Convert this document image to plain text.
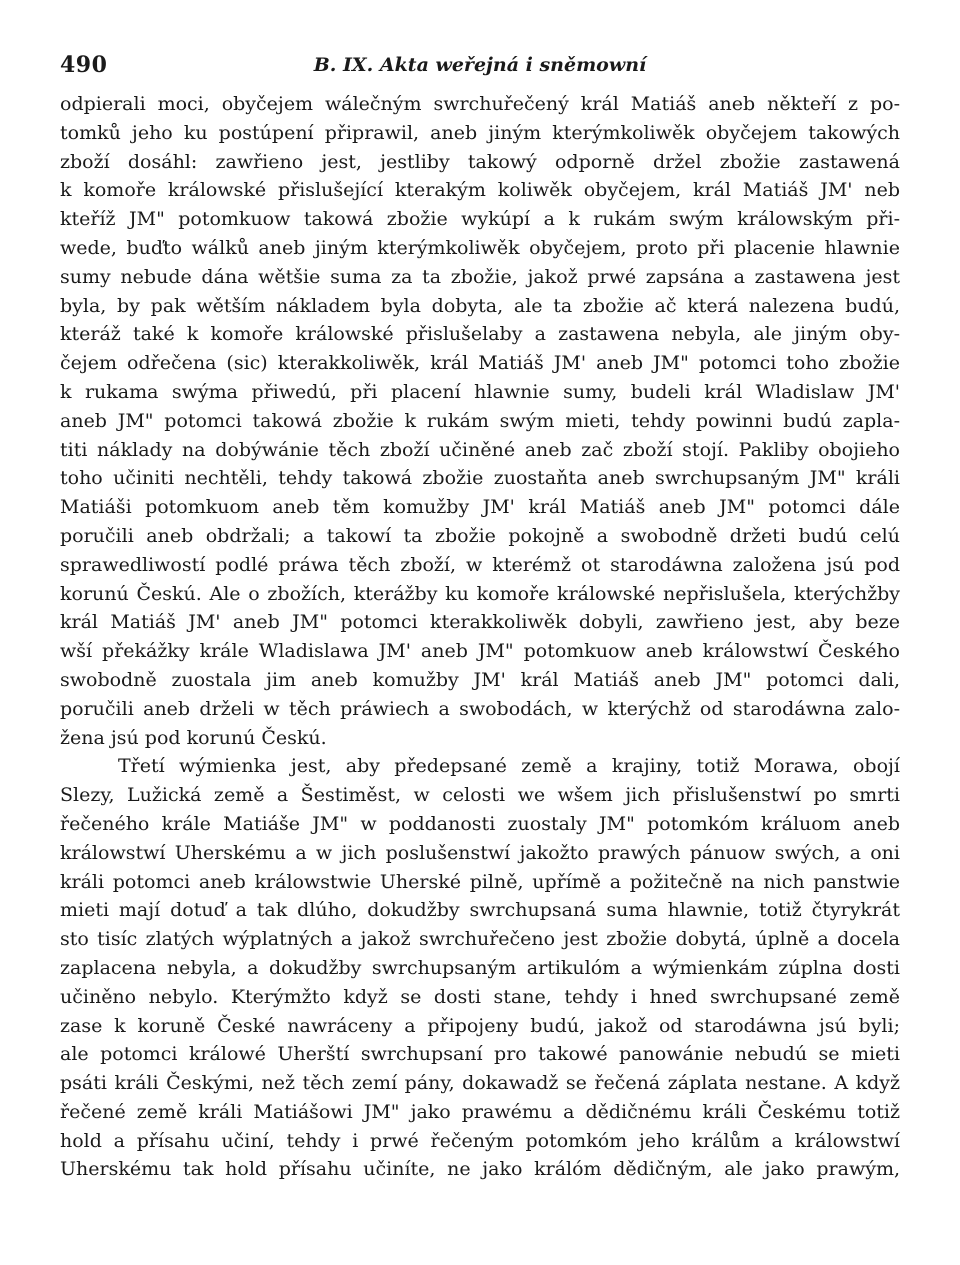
490	B. IX. Akta weřejná i sněmowní
odpierali moci, obyčejem wálečným swrchuřečený král Matiáš aneb někteří z po-
tomků jeho ku postúpení připrawil, aneb jiným kterýmkoliwěk obyčejem takowých
zboží dosáhl: zawřieno jest, jestliby takowý odporně držel zbožie zastawená
k komoře králowské přislušející kterakým koliwěk obyčejem, král Matiáš JM' neb
kteříž JM" potomkuow takowá zbožie wykúpí a k rukám swým králowským při-
wede, buďto wálků aneb jiným kterýmkoliwěk obyčejem, proto při placenie hlawnie
sumy nebude dána wětšie suma za ta zbožie, jakož prwé zapsána a zastawena jest
byla, by pak wětším nákladem byla dobyta, ale ta zbožie ač která nalezena budú,
kteráž také k komoře králowské přislušelaby a zastawena nebyla, ale jiným oby-
čejem odřečena (sic) kterakkoliwěk, král Matiáš JM' aneb JM" potomci toho zbožie
k rukama swýma přiwedú, při placení hlawnie sumy, budeli král Wladislaw JM'
aneb JM" potomci takowá zbožie k rukám swým mieti, tehdy powinni budú zapla-
titi náklady na dobýwánie těch zboží učiněné aneb zač zboží stojí. Pakliby obojieho
toho učiniti nechtěli, tehdy takowá zbožie zuostaňta aneb swrchupsaným JM" králi
Matiáši potomkuom aneb těm komužby JM' král Matiáš aneb JM" potomci dále
poručili aneb obdržali; a takowí ta zbožie pokojně a swobodně držeti budú celú
sprawedliwostí podlé práwa těch zboží, w kterémž ot starodáwna založena jsú pod
korunú Českú. Ale o zbožích, kterážby ku komoře králowské nepřislušela, kterýchžby
král Matiáš JM' aneb JM" potomci kterakkoliwěk dobyli, zawřieno jest, aby beze
wší překážky krále Wladislawa JM' aneb JM" potomkuow aneb králowstwí Českého
swobodně zuostala jim aneb komužby JM' král Matiáš aneb JM" potomci dali,
poručili aneb drželi w těch práwiech a swobodách, w kterýchž od starodáwna zalo-
žena jsú pod korunú Českú.
Třetí wýmienka jest, aby předepsané země a krajiny, totiž Morawa, obojí
Slezy, Lužická země a Šestiměst, w celosti we wšem jich přislušenstwí po smrti
řečeného krále Matiáše JM" w poddanosti zuostaly JM" potomkóm králuom aneb
králowstwí Uherskému a w jich poslušenstwí jakožto prawých pánuow swých, a oni
králi potomci aneb králowstwie Uherské pilně, upřímě a požitečně na nich panstwie
mieti mají dotuď a tak dlúho, dokudžby swrchupsaná suma hlawnie, totiž čtyrykrát
sto tisíc zlatých wýplatných a jakož swrchuřečeno jest zbožie dobytá, úplně a docela
zaplacena nebyla, a dokudžby swrchupsaným artikulóm a wýmienkám zúplna dosti
učiněno nebylo. Kterýmžto když se dosti stane, tehdy i hned swrchupsané země
zase k koruně České nawráceny a připojeny budú, jakož od starodáwna jsú byli;
ale potomci králowé Uherští swrchupsaní pro takowé panowánie nebudú se mieti
psáti králi Českými, než těch zemí pány, dokawadž se řečená záplata nestane. A když
řečené země králi Matiášowi JM" jako prawému a dědičnému králi Českému totiž
hold a přísahu učiní, tehdy i prwé řečeným potomkóm jeho králům a králowstwí
Uherskému tak hold přísahu učiníte, ne jako králóm dědičným, ale jako prawým,
